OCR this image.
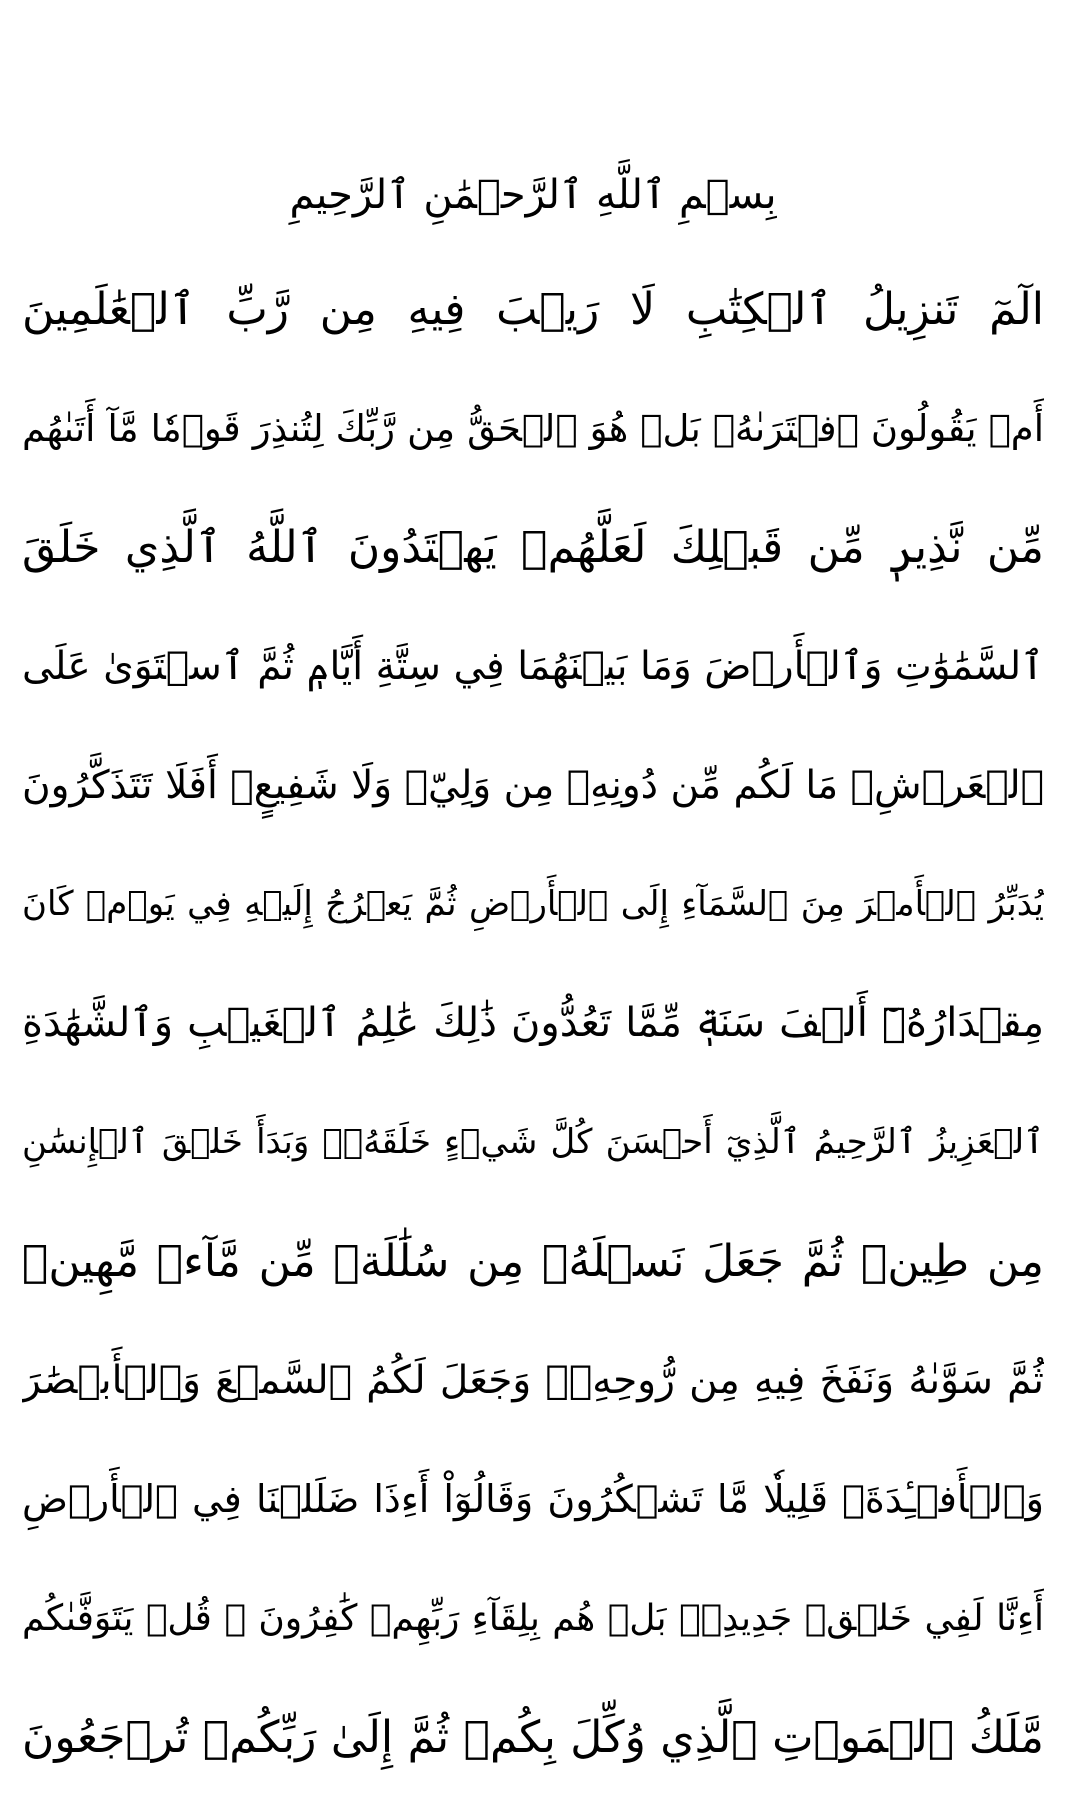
بِسۡمِ ٱللَّهِ ٱلرَّحۡمَٰنِ ٱلرَّحِيمِ
الٓمٓ تَنزِيلُ ٱلۡكِتَٰبِ لَا رَيۡبَ فِيهِ مِن رَّبِّ ٱلۡعَٰلَمِينَ
أَمۡ يَقُولُونَ ٱفۡتَرَىٰهُۚ بَلۡ هُوَ ٱلۡحَقُّ مِن رَّبِّكَ لِتُنذِرَ قَوۡمٗا مَّآ أَتَىٰهُم
مِّن نَّذِيرٖ مِّن قَبۡلِكَ لَعَلَّهُمۡ يَهۡتَدُونَ ٱللَّهُ ٱلَّذِي خَلَقَ
ٱلسَّمَٰوَٰتِ وَٱلۡأَرۡضَ وَمَا بَيۡنَهُمَا فِي سِتَّةِ أَيَّامٖ ثُمَّ ٱسۡتَوَىٰ عَلَى
ٱلۡعَرۡشِۖ مَا لَكُم مِّن دُونِهِۦ مِن وَلِيّٖ وَلَا شَفِيعٍۚ أَفَلَا تَتَذَكَّرُونَ
يُدَبِّرُ ٱلۡأَمۡرَ مِنَ ٱلسَّمَآءِ إِلَى ٱلۡأَرۡضِ ثُمَّ يَعۡرُجُ إِلَيۡهِ فِي يَوۡمٖ كَانَ
مِقۡدَارُهُۥٓ أَلۡفَ سَنَةٖ مِّمَّا تَعُدُّونَ ذَٰلِكَ عَٰلِمُ ٱلۡغَيۡبِ وَٱلشَّهَٰدَةِ
ٱلۡعَزِيزُ ٱلرَّحِيمُ ٱلَّذِيٓ أَحۡسَنَ كُلَّ شَيۡءٍ خَلَقَهُۥۖ وَبَدَأَ خَلۡقَ ٱلۡإِنسَٰنِ
مِن طِينٖ ثُمَّ جَعَلَ نَسۡلَهُۥ مِن سُلَٰلَةٖ مِّن مَّآءٖ مَّهِينٖ
ثُمَّ سَوَّىٰهُ وَنَفَخَ فِيهِ مِن رُّوحِهِۦۖ وَجَعَلَ لَكُمُ ٱلسَّمۡعَ وَٱلۡأَبۡصَٰرَ
وَٱلۡأَفۡـِٔدَةَۚ قَلِيلٗا مَّا تَشۡكُرُونَ وَقَالُوٓاْ أَءِذَا ضَلَلۡنَا فِي ٱلۡأَرۡضِ
أَءِنَّا لَفِي خَلۡقٖ جَدِيدِۭۚ بَلۡ هُم بِلِقَآءِ رَبِّهِمۡ كَٰفِرُونَ ۞ قُلۡ يَتَوَفَّىٰكُم
مَّلَكُ ٱلۡمَوۡتِ ٱلَّذِي وُكِّلَ بِكُمۡ ثُمَّ إِلَىٰ رَبِّكُمۡ تُرۡجَعُونَ
